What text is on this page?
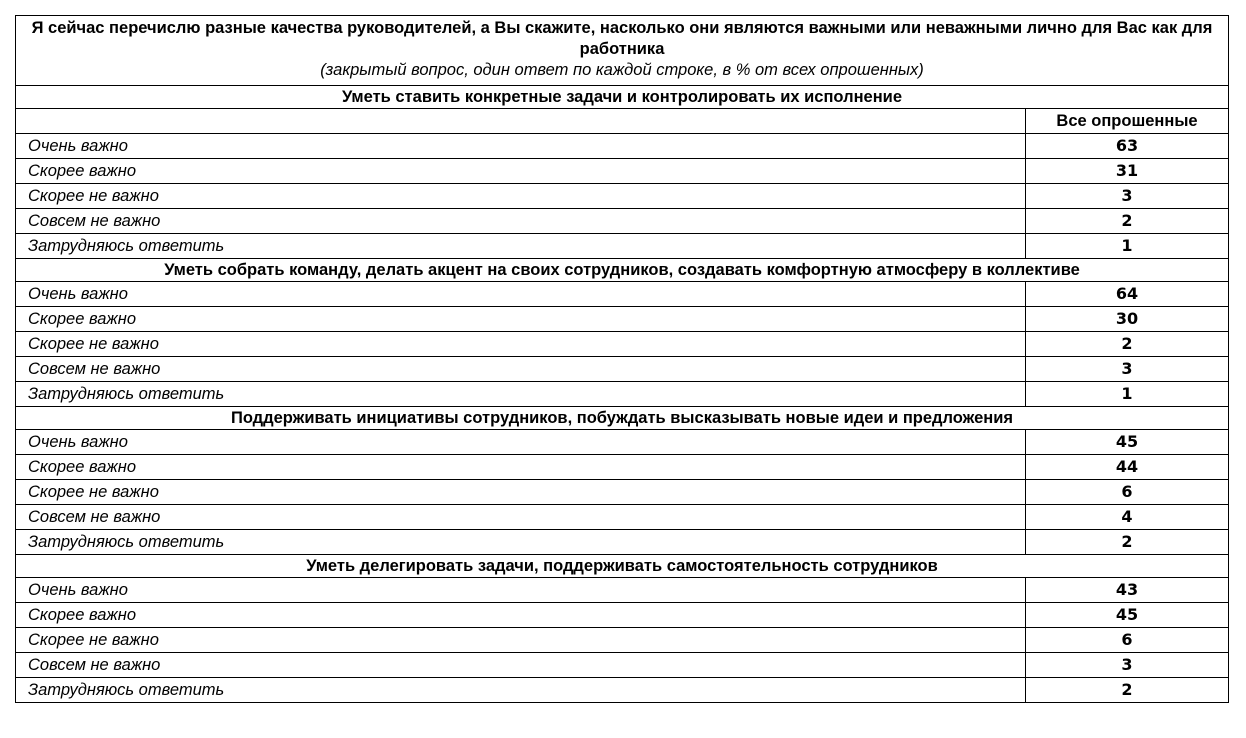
Я сейчас перечислю разные качества руководителей, а Вы скажите, насколько они являются важными или неважными лично для Вас как для работника
(закрытый вопрос, один ответ по каждой строке, в % от всех опрошенных)	

Уметь ставить конкретные задачи и контролировать их исполнение	
	Все опрошенные
Очень важно	63
Скорее важно	31
Скорее не важно	3
Совсем не важно	2
Затрудняюсь ответить	1
Уметь собрать команду, делать акцент на своих сотрудников, создавать комфортную атмосферу в коллективе	
Очень важно	64
Скорее важно	30
Скорее не важно	2
Совсем не важно	3
Затрудняюсь ответить	1
Поддерживать инициативы сотрудников, побуждать высказывать новые идеи и предложения	
Очень важно	45
Скорее важно	44
Скорее не важно	6
Совсем не важно	4
Затрудняюсь ответить	2
Уметь делегировать задачи, поддерживать самостоятельность сотрудников	
Очень важно	43
Скорее важно	45
Скорее не важно	6
Совсем не важно	3
Затрудняюсь ответить	2
